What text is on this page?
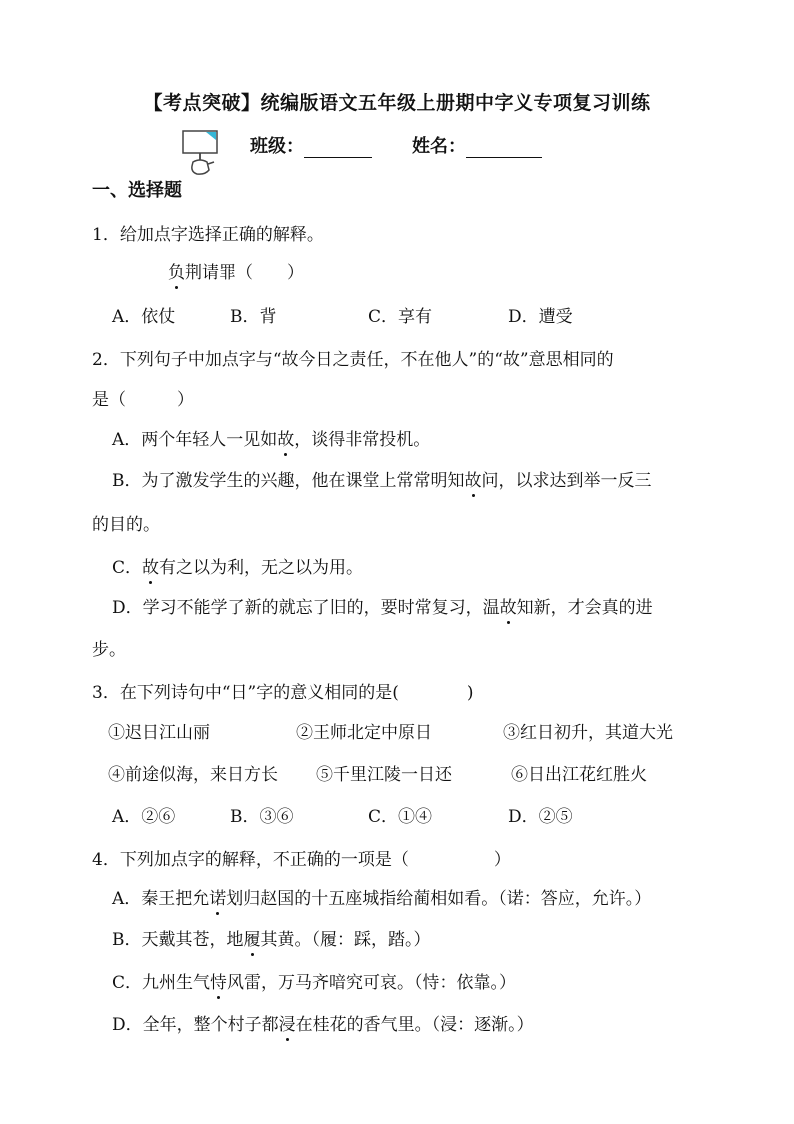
【考点突破】统编版语文五年级上册期中字义专项复习训练
班级：	姓名：
一、选择题
1．给加点字选择正确的解释。
负荆请罪（　　）
A．依仗	B．背	C．享有	D．遭受
2．下列句子中加点字与“故今日之责任，不在他人”的“故”意思相同的
是（　　　）
A．两个年轻人一见如故，谈得非常投机。
B．为了激发学生的兴趣，他在课堂上常常明知故问，以求达到举一反三
的目的。
C．故有之以为利，无之以为用。
D．学习不能学了新的就忘了旧的，要时常复习，温故知新，才会真的进
步。
3．在下列诗句中“日”字的意义相同的是(　　　　)
①迟日江山丽	②王师北定中原日	③红日初升，其道大光
④前途似海，来日方长 ⑤千里江陵一日还	⑥日出江花红胜火
A．②⑥	B．③⑥	C．①④	D．②⑤
4．下列加点字的解释，不正确的一项是（　　　　　）
A．秦王把允诺划归赵国的十五座城指给蔺相如看。（诺：答应，允许。）
B．天戴其苍，地履其黄。（履：踩，踏。）
C．九州生气恃风雷，万马齐喑究可哀。（恃：依靠。）
D．全年，整个村子都浸在桂花的香气里。（浸：逐渐。）
